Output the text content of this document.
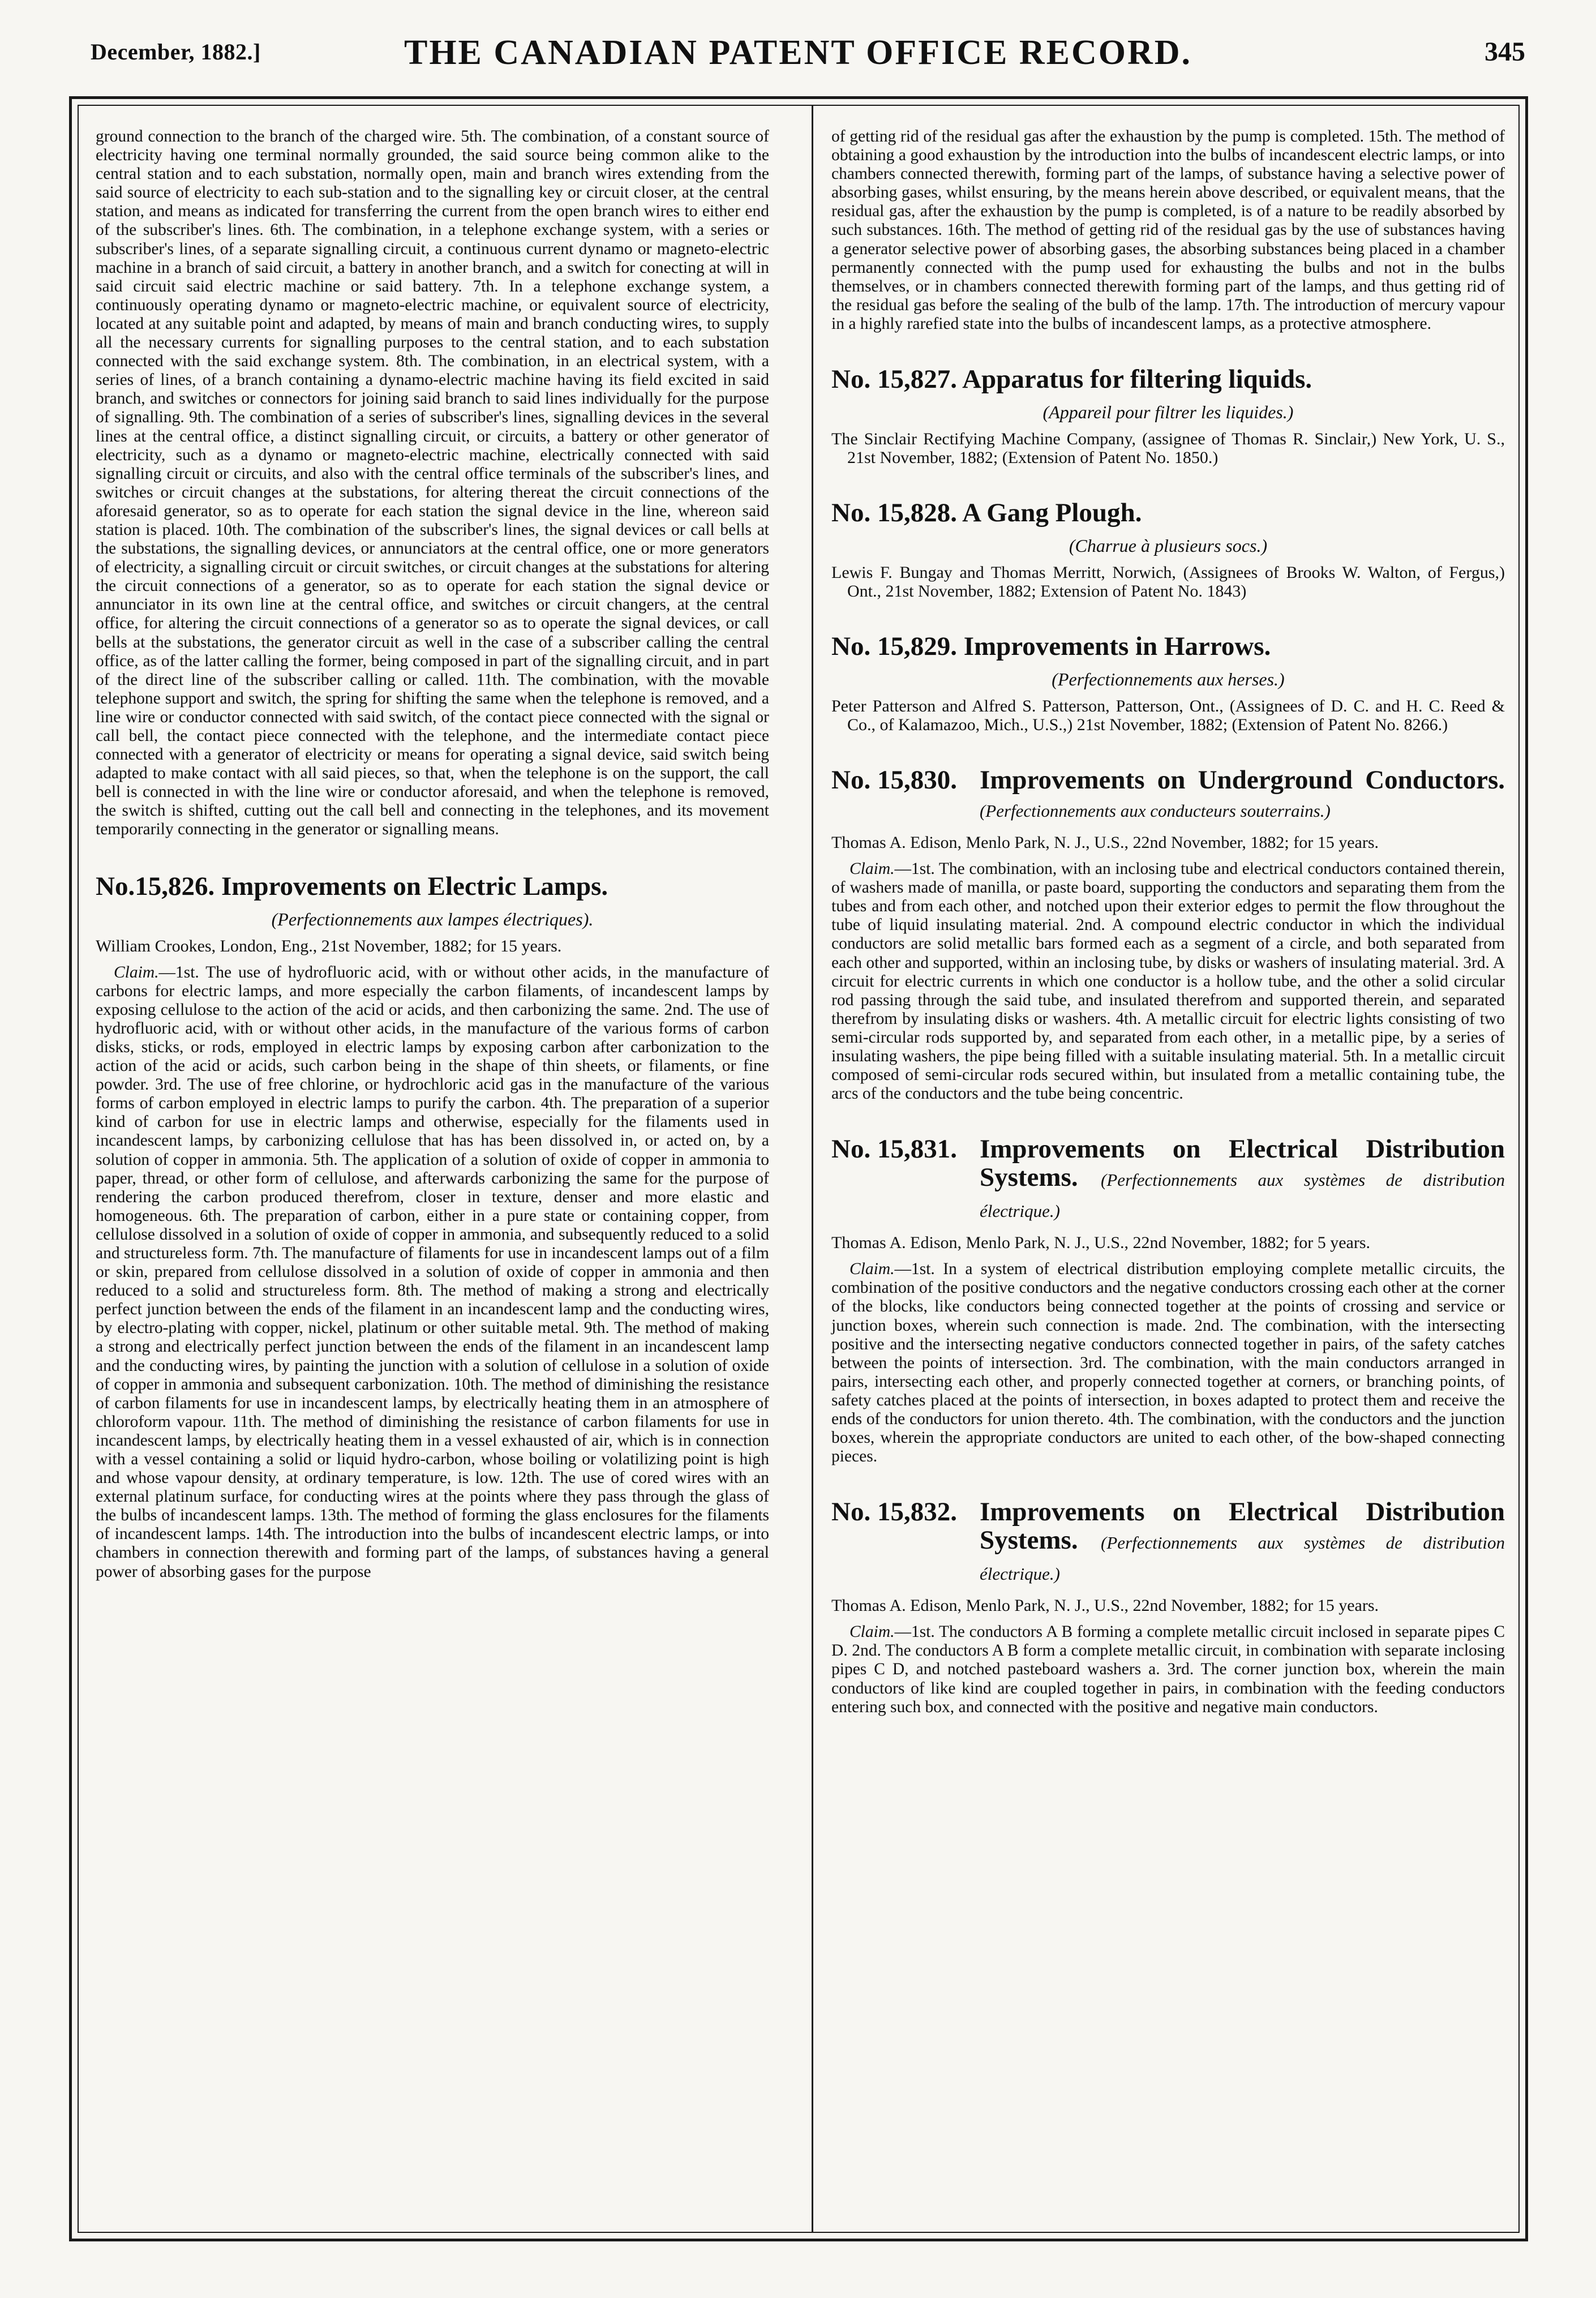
December, 1882.]	THE CANADIAN PATENT OFFICE RECORD.	345

ground connection to the branch of the charged wire. 5th. The combination, of a constant source of electricity having one terminal normally grounded, the said source being common alike to the central station and to each substation, normally open, main and branch wires extending from the said source of electricity to each sub-station and to the signalling key or circuit closer, at the central station, and means as indicated for transferring the current from the open branch wires to either end of the subscriber's lines. 6th. The combination, in a telephone exchange system, with a series or subscriber's lines, of a separate signalling circuit, a continuous current dynamo or magneto-electric machine in a branch of said circuit, a battery in another branch, and a switch for conecting at will in said circuit said electric machine or said battery. 7th. In a telephone exchange system, a continuously operating dynamo or magneto-electric machine, or equivalent source of electricity, located at any suitable point and adapted, by means of main and branch conducting wires, to supply all the necessary currents for signalling purposes to the central station, and to each substation connected with the said exchange system. 8th. The combination, in an electrical system, with a series of lines, of a branch containing a dynamo-electric machine having its field excited in said branch, and switches or connectors for joining said branch to said lines individually for the purpose of signalling. 9th. The combination of a series of subscriber's lines, signalling devices in the several lines at the central office, a distinct signalling circuit, or circuits, a battery or other generator of electricity, such as a dynamo or magneto-electric machine, electrically connected with said signalling circuit or circuits, and also with the central office terminals of the subscriber's lines, and switches or circuit changes at the substations, for altering thereat the circuit connections of the aforesaid generator, so as to operate for each station the signal device in the line, whereon said station is placed. 10th. The combination of the subscriber's lines, the signal devices or call bells at the substations, the signalling devices, or annunciators at the central office, one or more generators of electricity, a signalling circuit or circuit switches, or circuit changes at the substations for altering the circuit connections of a generator, so as to operate for each station the signal device or annunciator in its own line at the central office, and switches or circuit changers, at the central office, for altering the circuit connections of a generator so as to operate the signal devices, or call bells at the substations, the generator circuit as well in the case of a subscriber calling the central office, as of the latter calling the former, being composed in part of the signalling circuit, and in part of the direct line of the subscriber calling or called. 11th. The combination, with the movable telephone support and switch, the spring for shifting the same when the telephone is removed, and a line wire or conductor connected with said switch, of the contact piece connected with the signal or call bell, the contact piece connected with the telephone, and the intermediate contact piece connected with a generator of electricity or means for operating a signal device, said switch being adapted to make contact with all said pieces, so that, when the telephone is on the support, the call bell is connected in with the line wire or conductor aforesaid, and when the telephone is removed, the switch is shifted, cutting out the call bell and connecting in the telephones, and its movement temporarily connecting in the generator or signalling means.

No.15,826. Improvements on Electric Lamps.
(Perfectionnements aux lampes électriques).
William Crookes, London, Eng., 21st November, 1882; for 15 years.

Claim.—1st. The use of hydrofluoric acid, with or without other acids, in the manufacture of carbons for electric lamps, and more especially the carbon filaments, of incandescent lamps by exposing cellulose to the action of the acid or acids, and then carbonizing the same. 2nd. The use of hydrofluoric acid, with or without other acids, in the manufacture of the various forms of carbon disks, sticks, or rods, employed in electric lamps by exposing carbon after carbonization to the action of the acid or acids, such carbon being in the shape of thin sheets, or filaments, or fine powder. 3rd. The use of free chlorine, or hydrochloric acid gas in the manufacture of the various forms of carbon employed in electric lamps to purify the carbon. 4th. The preparation of a superior kind of carbon for use in electric lamps and otherwise, especially for the filaments used in incandescent lamps, by carbonizing cellulose that has has been dissolved in, or acted on, by a solution of copper in ammonia. 5th. The application of a solution of oxide of copper in ammonia to paper, thread, or other form of cellulose, and afterwards carbonizing the same for the purpose of rendering the carbon produced therefrom, closer in texture, denser and more elastic and homogeneous. 6th. The preparation of carbon, either in a pure state or containing copper, from cellulose dissolved in a solution of oxide of copper in ammonia, and subsequently reduced to a solid and structureless form. 7th. The manufacture of filaments for use in incandescent lamps out of a film or skin, prepared from cellulose dissolved in a solution of oxide of copper in ammonia and then reduced to a solid and structureless form. 8th. The method of making a strong and electrically perfect junction between the ends of the filament in an incandescent lamp and the conducting wires, by electro-plating with copper, nickel, platinum or other suitable metal. 9th. The method of making a strong and electrically perfect junction between the ends of the filament in an incandescent lamp and the conducting wires, by painting the junction with a solution of cellulose in a solution of oxide of copper in ammonia and subsequent carbonization. 10th. The method of diminishing the resistance of carbon filaments for use in incandescent lamps, by electrically heating them in an atmosphere of chloroform vapour. 11th. The method of diminishing the resistance of carbon filaments for use in incandescent lamps, by electrically heating them in a vessel exhausted of air, which is in connection with a vessel containing a solid or liquid hydro-carbon, whose boiling or volatilizing point is high and whose vapour density, at ordinary temperature, is low. 12th. The use of cored wires with an external platinum surface, for conducting wires at the points where they pass through the glass of the bulbs of incandescent lamps. 13th. The method of forming the glass enclosures for the filaments of incandescent lamps. 14th. The introduction into the bulbs of incandescent electric lamps, or into chambers in connection therewith and forming part of the lamps, of substances having a general power of absorbing gases for the purpose

of getting rid of the residual gas after the exhaustion by the pump is completed. 15th. The method of obtaining a good exhaustion by the introduction into the bulbs of incandescent electric lamps, or into chambers connected therewith, forming part of the lamps, of substance having a selective power of absorbing gases, whilst ensuring, by the means herein above described, or equivalent means, that the residual gas, after the exhaustion by the pump is completed, is of a nature to be readily absorbed by such substances. 16th. The method of getting rid of the residual gas by the use of substances having a generator selective power of absorbing gases, the absorbing substances being placed in a chamber permanently connected with the pump used for exhausting the bulbs and not in the bulbs themselves, or in chambers connected therewith forming part of the lamps, and thus getting rid of the residual gas before the sealing of the bulb of the lamp. 17th. The introduction of mercury vapour in a highly rarefied state into the bulbs of incandescent lamps, as a protective atmosphere.

No. 15,827. Apparatus for filtering liquids.
(Appareil pour filtrer les liquides.)
The Sinclair Rectifying Machine Company, (assignee of Thomas R. Sinclair,) New York, U. S., 21st November, 1882; (Extension of Patent No. 1850.)
No. 15,828. A Gang Plough.
(Charrue à plusieurs socs.)
Lewis F. Bungay and Thomas Merritt, Norwich, (Assignees of Brooks W. Walton, of Fergus,) Ont., 21st November, 1882; Extension of Patent No. 1843)
No. 15,829. Improvements in Harrows.
(Perfectionnements aux herses.)
Peter Patterson and Alfred S. Patterson, Patterson, Ont., (Assignees of D. C. and H. C. Reed & Co., of Kalamazoo, Mich., U.S.,) 21st November, 1882; (Extension of Patent No. 8266.)
No. 15,830. Improvements on Underground Conductors. (Perfectionnements aux conducteurs souterrains.)
Thomas A. Edison, Menlo Park, N. J., U.S., 22nd November, 1882; for 15 years.

Claim.—1st. The combination, with an inclosing tube and electrical conductors contained therein, of washers made of manilla, or paste board, supporting the conductors and separating them from the tubes and from each other, and notched upon their exterior edges to permit the flow throughout the tube of liquid insulating material. 2nd. A compound electric conductor in which the individual conductors are solid metallic bars formed each as a segment of a circle, and both separated from each other and supported, within an inclosing tube, by disks or washers of insulating material. 3rd. A circuit for electric currents in which one conductor is a hollow tube, and the other a solid circular rod passing through the said tube, and insulated therefrom and supported therein, and separated therefrom by insulating disks or washers. 4th. A metallic circuit for electric lights consisting of two semi-circular rods supported by, and separated from each other, in a metallic pipe, by a series of insulating washers, the pipe being filled with a suitable insulating material. 5th. In a metallic circuit composed of semi-circular rods secured within, but insulated from a metallic containing tube, the arcs of the conductors and the tube being concentric.

No. 15,831. Improvements on Electrical Distribution Systems. (Perfectionnements aux systèmes de distribution électrique.)
Thomas A. Edison, Menlo Park, N. J., U.S., 22nd November, 1882; for 5 years.

Claim.—1st. In a system of electrical distribution employing complete metallic circuits, the combination of the positive conductors and the negative conductors crossing each other at the corner of the blocks, like conductors being connected together at the points of crossing and service or junction boxes, wherein such connection is made. 2nd. The combination, with the intersecting positive and the intersecting negative conductors connected together in pairs, of the safety catches between the points of intersection. 3rd. The combination, with the main conductors arranged in pairs, intersecting each other, and properly connected together at corners, or branching points, of safety catches placed at the points of intersection, in boxes adapted to protect them and receive the ends of the conductors for union thereto. 4th. The combination, with the conductors and the junction boxes, wherein the appropriate conductors are united to each other, of the bow-shaped connecting pieces.

No. 15,832. Improvements on Electrical Distribution Systems. (Perfectionnements aux systèmes de distribution électrique.)
Thomas A. Edison, Menlo Park, N. J., U.S., 22nd November, 1882; for 15 years.

Claim.—1st. The conductors A B forming a complete metallic circuit inclosed in separate pipes C D. 2nd. The conductors A B form a complete metallic circuit, in combination with separate inclosing pipes C D, and notched pasteboard washers a. 3rd. The corner junction box, wherein the main conductors of like kind are coupled together in pairs, in combination with the feeding conductors entering such box, and connected with the positive and negative main conductors.
